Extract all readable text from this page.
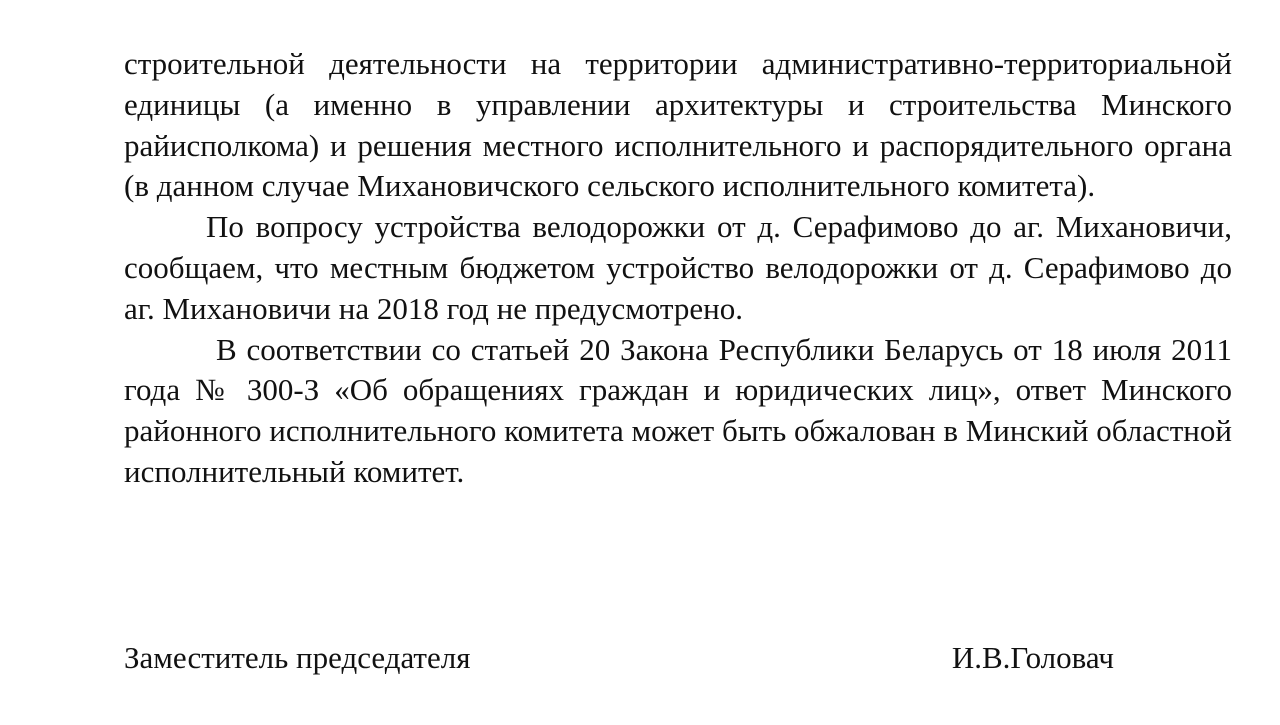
строительной деятельности на территории административно-территориальной единицы (а именно в управлении архитектуры и строительства Минского райисполкома) и решения местного исполнительного и распорядительного органа (в данном случае Михановичского сельского исполнительного комитета).

По вопросу устройства велодорожки от д. Серафимово до аг. Михановичи, сообщаем, что местным бюджетом устройство велодорожки от д. Серафимово до аг. Михановичи на 2018 год не предусмотрено.

В соответствии со статьей 20 Закона Республики Беларусь от 18 июля 2011 года № 300-З «Об обращениях граждан и юридических лиц», ответ Минского районного исполнительного комитета может быть обжалован в Минский областной исполнительный комитет.

Заместитель председателя	И.В.Головач
